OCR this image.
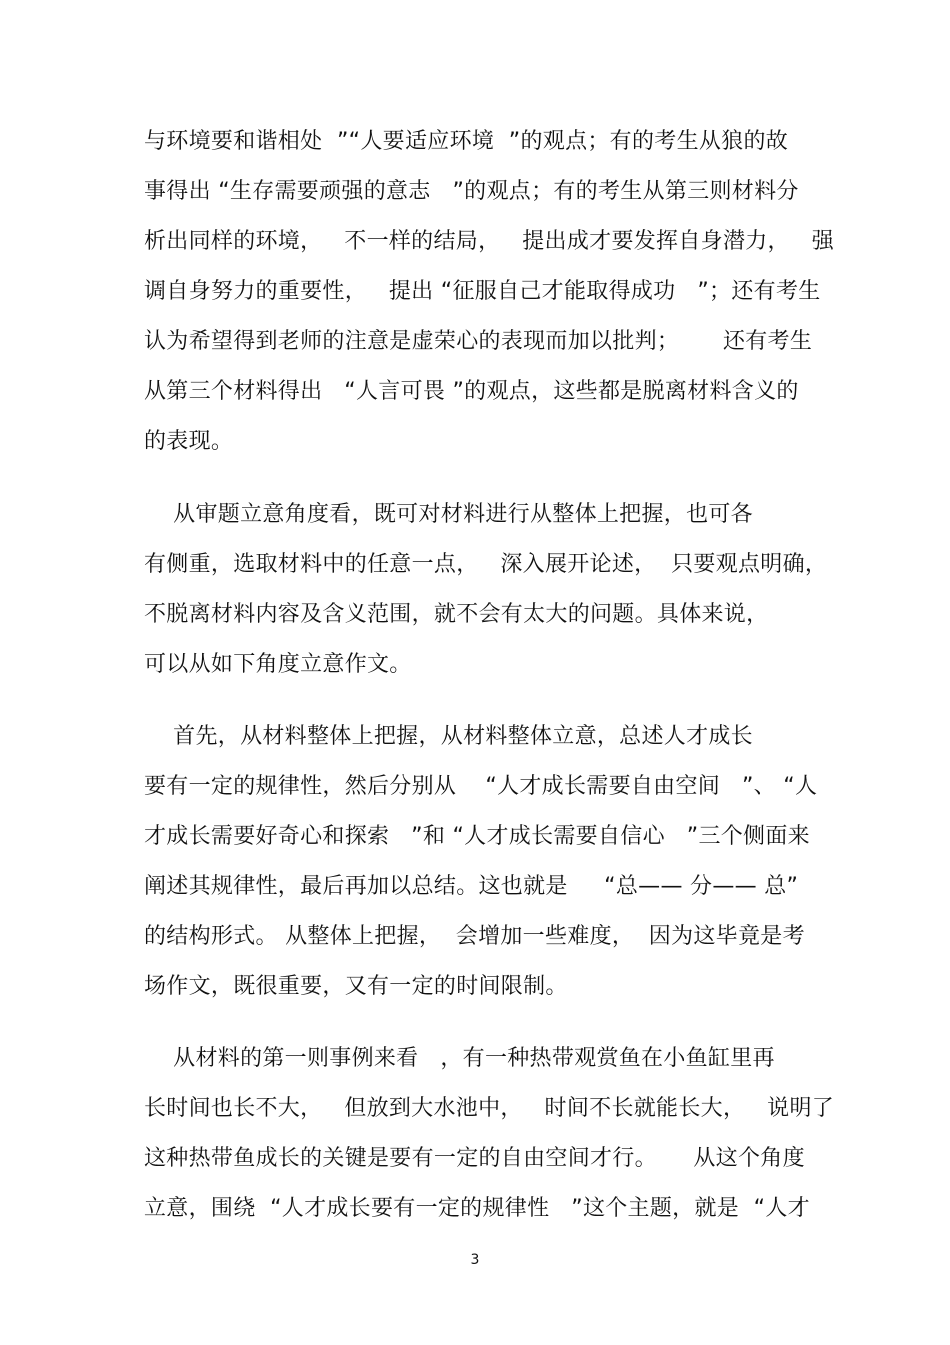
与环境要和谐相处  ”“人要适应环境  ”的观点；有的考生从狼的故
事得出 “生存需要顽强的意志   ”的观点；有的考生从第三则材料分
析出同样的环境，   不一样的结局，   提出成才要发挥自身潜力，   强
调自身努力的重要性，   提出 “征服自己才能取得成功   ”；还有考生
认为希望得到老师的注意是虚荣心的表现而加以批判；      还有考生
从第三个材料得出   “人言可畏 ”的观点，这些都是脱离材料含义的
的表现。
从审题立意角度看，既可对材料进行从整体上把握，也可各
有侧重，选取材料中的任意一点，   深入展开论述，  只要观点明确，
不脱离材料内容及含义范围，就不会有太大的问题。具体来说，
可以从如下角度立意作文。
首先，从材料整体上把握，从材料整体立意，总述人才成长
要有一定的规律性，然后分别从    “人才成长需要自由空间   ”、 “人
才成长需要好奇心和探索   ”和 “人才成长需要自信心   ”三个侧面来
阐述其规律性，最后再加以总结。这也就是     “总—— 分—— 总”
的结构形式。 从整体上把握，  会增加一些难度，  因为这毕竟是考
场作文，既很重要，又有一定的时间限制。
从材料的第一则事例来看   ，有一种热带观赏鱼在小鱼缸里再
长时间也长不大，   但放到大水池中，   时间不长就能长大，   说明了
这种热带鱼成长的关键是要有一定的自由空间才行。     从这个角度
立意，围绕  “人才成长要有一定的规律性   ”这个主题，就是  “人才
3
